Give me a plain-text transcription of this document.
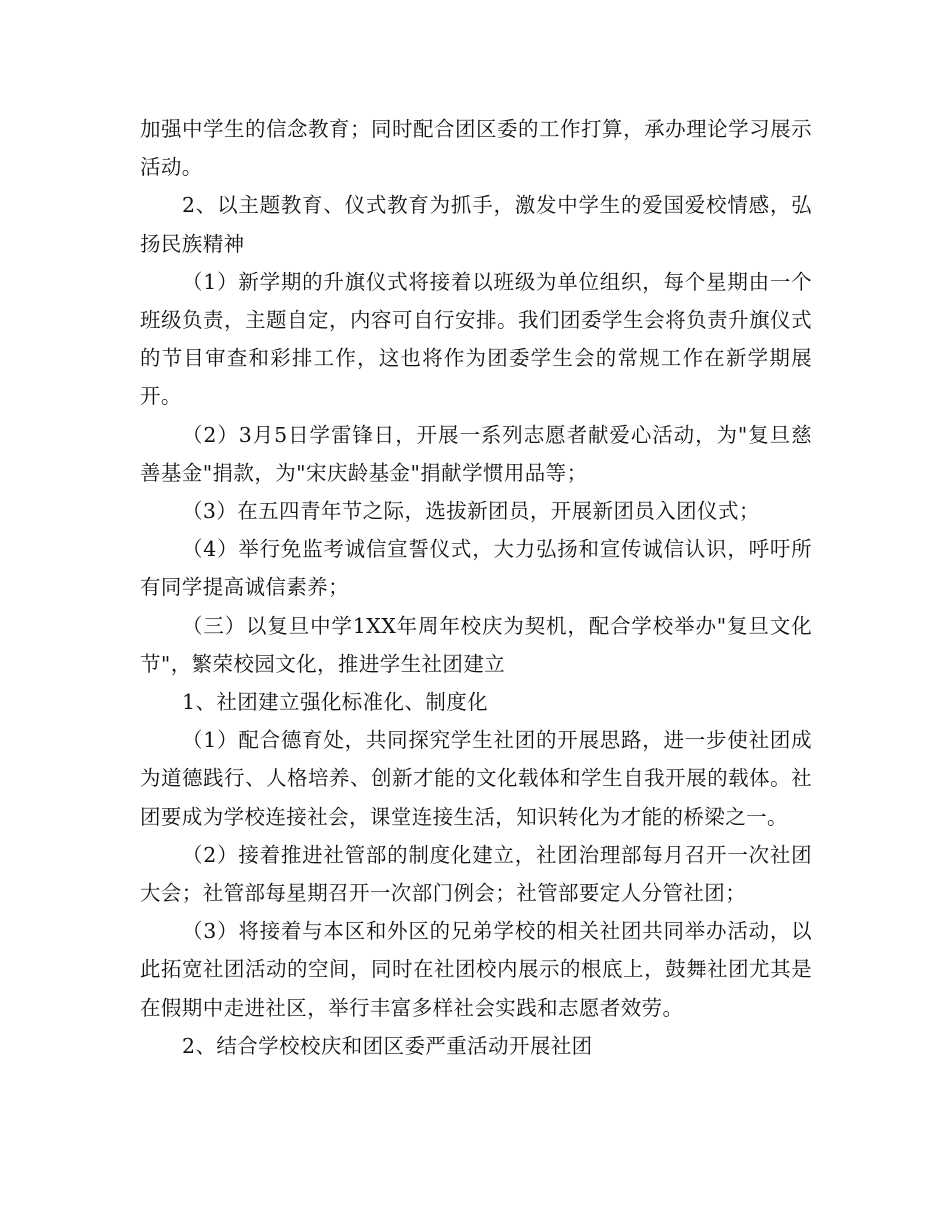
加强中学生的信念教育；同时配合团区委的工作打算，承办理论学习展示活动。

2、以主题教育、仪式教育为抓手，激发中学生的爱国爱校情感，弘扬民族精神

（1）新学期的升旗仪式将接着以班级为单位组织，每个星期由一个班级负责，主题自定，内容可自行安排。我们团委学生会将负责升旗仪式的节目审查和彩排工作，这也将作为团委学生会的常规工作在新学期展开。

（2）3月5日学雷锋日，开展一系列志愿者献爱心活动，为"复旦慈善基金"捐款，为"宋庆龄基金"捐献学惯用品等；

（3）在五四青年节之际，选拔新团员，开展新团员入团仪式；

（4）举行免监考诚信宣誓仪式，大力弘扬和宣传诚信认识，呼吁所有同学提高诚信素养；

（三）以复旦中学1XX年周年校庆为契机，配合学校举办"复旦文化节"，繁荣校园文化，推进学生社团建立

1、社团建立强化标准化、制度化

（1）配合德育处，共同探究学生社团的开展思路，进一步使社团成为道德践行、人格培养、创新才能的文化载体和学生自我开展的载体。社团要成为学校连接社会，课堂连接生活，知识转化为才能的桥梁之一。

（2）接着推进社管部的制度化建立，社团治理部每月召开一次社团大会；社管部每星期召开一次部门例会；社管部要定人分管社团；

（3）将接着与本区和外区的兄弟学校的相关社团共同举办活动，以此拓宽社团活动的空间，同时在社团校内展示的根底上，鼓舞社团尤其是在假期中走进社区，举行丰富多样社会实践和志愿者效劳。

2、结合学校校庆和团区委严重活动开展社团
